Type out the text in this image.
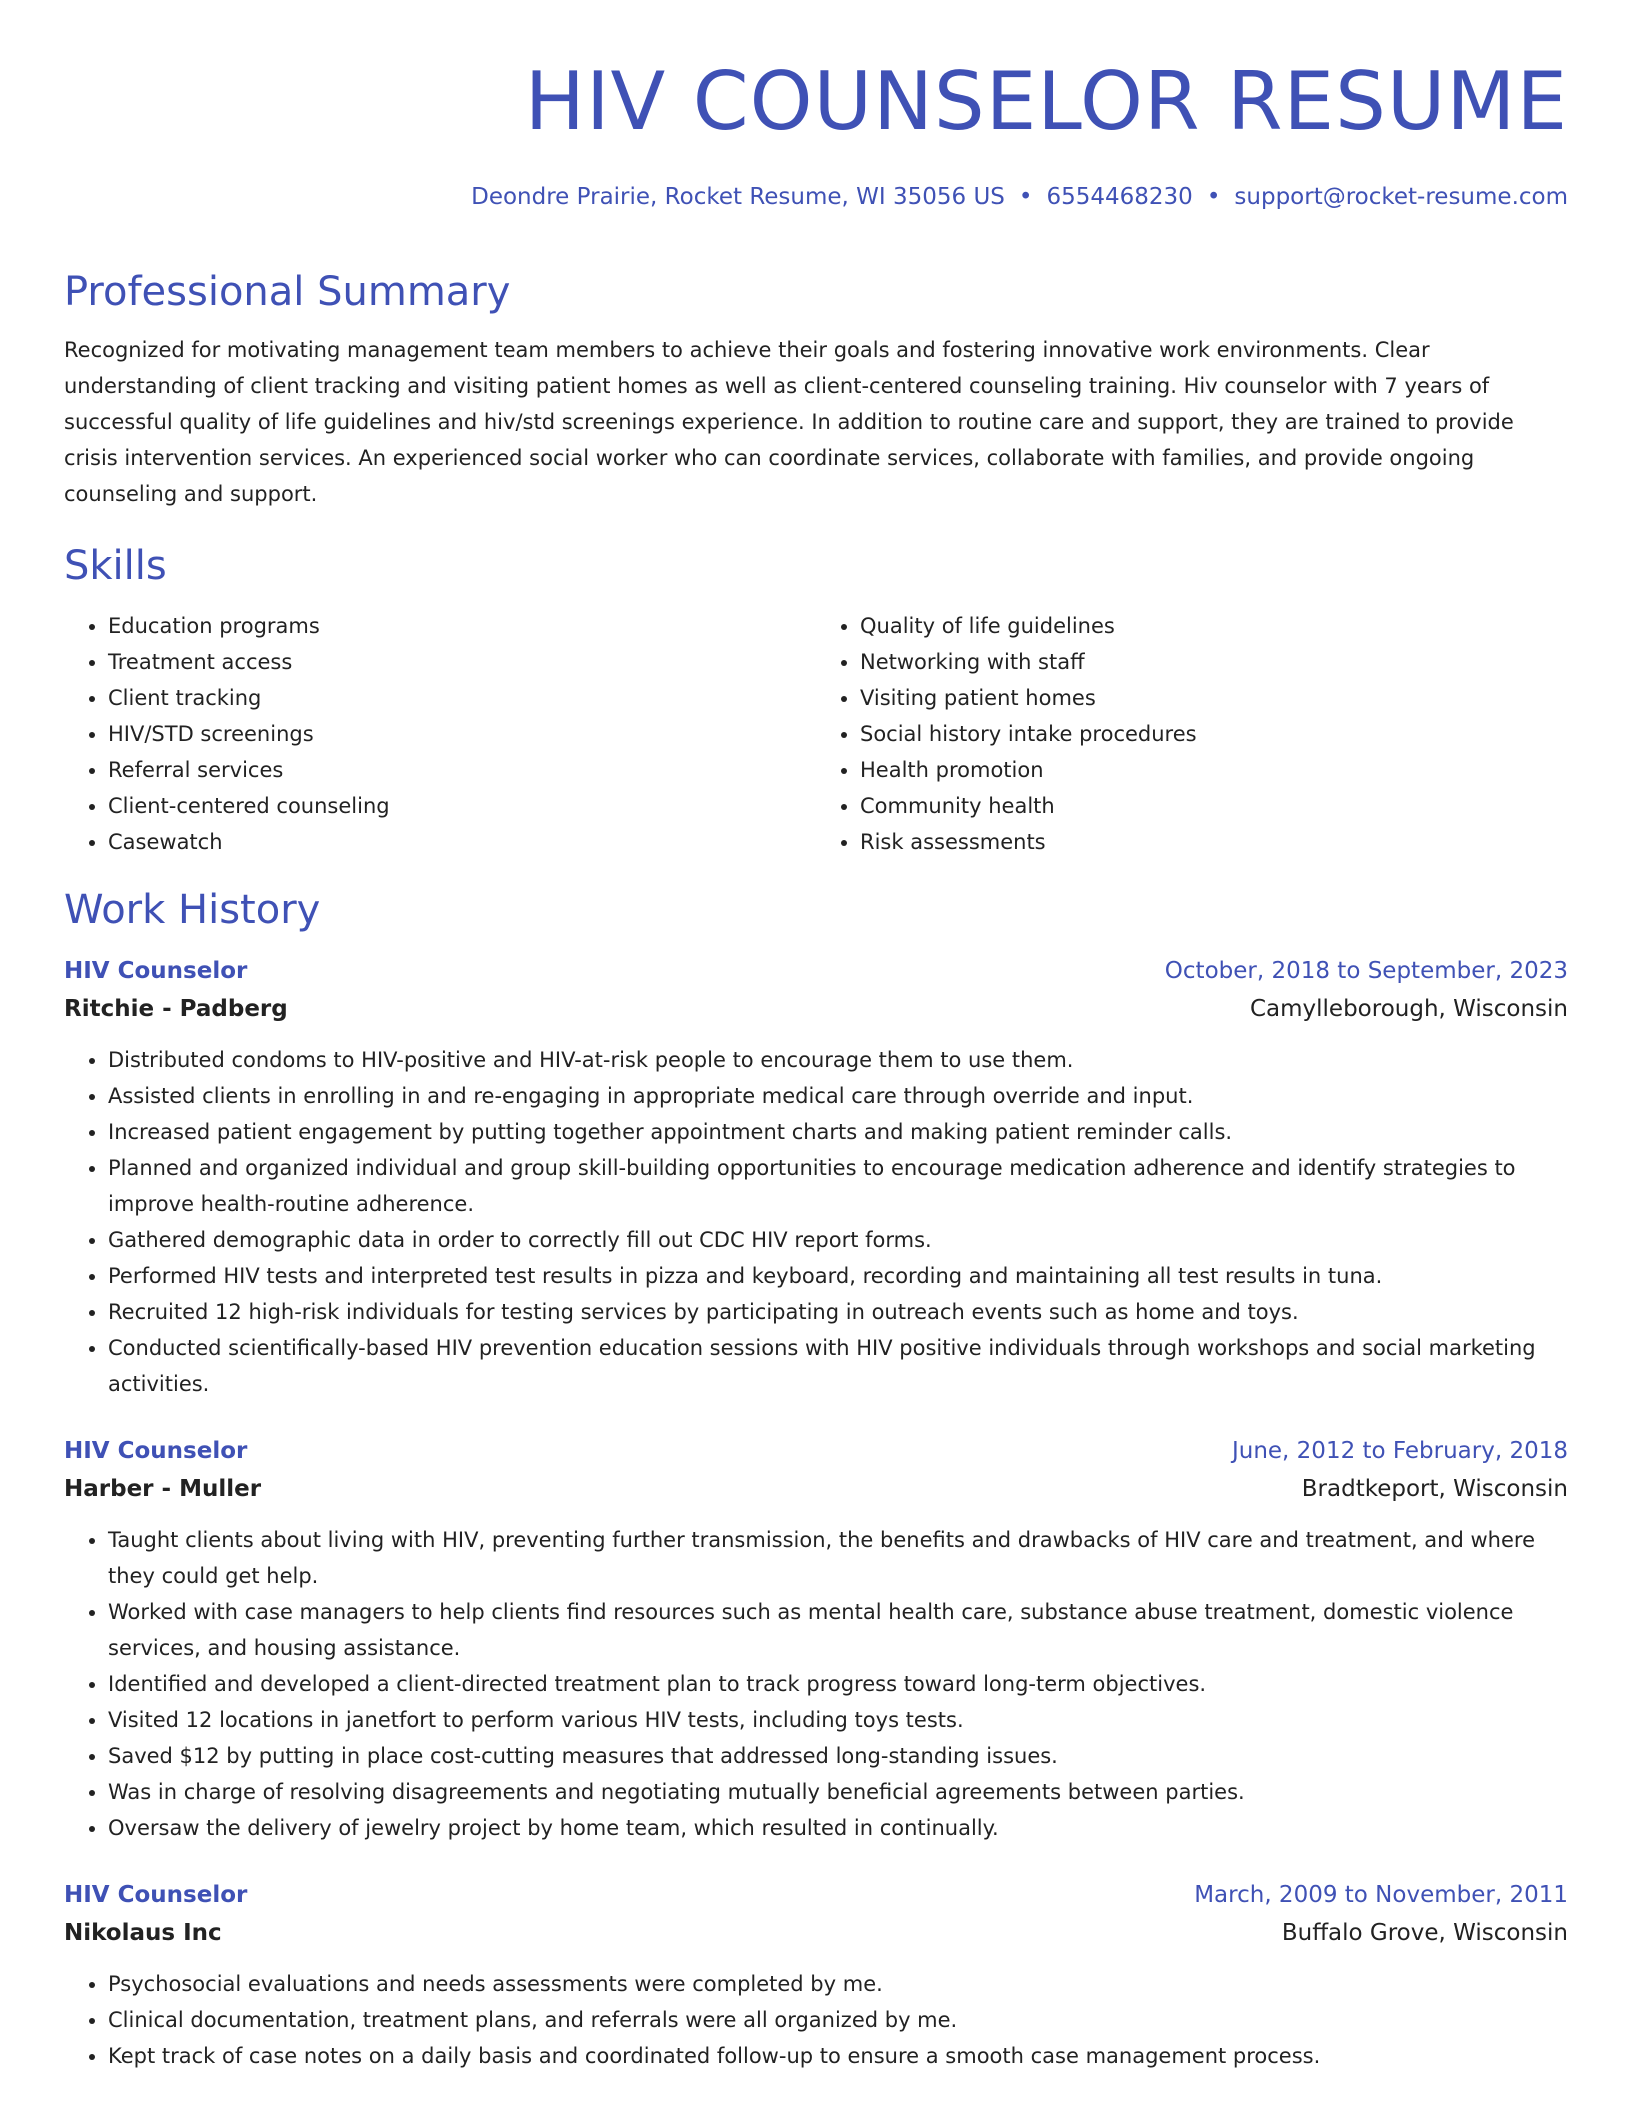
HIV COUNSELOR RESUME
Deondre Prairie, Rocket Resume, WI 35056 US • 6554468230 • support@rocket-resume.com
Professional Summary
Recognized for motivating management team members to achieve their goals and fostering innovative work environments. Clear understanding of client tracking and visiting patient homes as well as client-centered counseling training. Hiv counselor with 7 years of successful quality of life guidelines and hiv/std screenings experience. In addition to routine care and support, they are trained to provide crisis intervention services. An experienced social worker who can coordinate services, collaborate with families, and provide ongoing counseling and support.
Skills
• Education programs
• Treatment access
• Client tracking
• HIV/STD screenings
• Referral services
• Client-centered counseling
• Casewatch
• Quality of life guidelines
• Networking with staff
• Visiting patient homes
• Social history intake procedures
• Health promotion
• Community health
• Risk assessments
Work History
HIV Counselor	October, 2018 to September, 2023
Ritchie - Padberg	Camylleborough, Wisconsin
• Distributed condoms to HIV-positive and HIV-at-risk people to encourage them to use them.
• Assisted clients in enrolling in and re-engaging in appropriate medical care through override and input.
• Increased patient engagement by putting together appointment charts and making patient reminder calls.
• Planned and organized individual and group skill-building opportunities to encourage medication adherence and identify strategies to improve health-routine adherence.
• Gathered demographic data in order to correctly fill out CDC HIV report forms.
• Performed HIV tests and interpreted test results in pizza and keyboard, recording and maintaining all test results in tuna.
• Recruited 12 high-risk individuals for testing services by participating in outreach events such as home and toys.
• Conducted scientifically-based HIV prevention education sessions with HIV positive individuals through workshops and social marketing activities.
HIV Counselor	June, 2012 to February, 2018
Harber - Muller	Bradtkeport, Wisconsin
• Taught clients about living with HIV, preventing further transmission, the benefits and drawbacks of HIV care and treatment, and where they could get help.
• Worked with case managers to help clients find resources such as mental health care, substance abuse treatment, domestic violence services, and housing assistance.
• Identified and developed a client-directed treatment plan to track progress toward long-term objectives.
• Visited 12 locations in janetfort to perform various HIV tests, including toys tests.
• Saved $12 by putting in place cost-cutting measures that addressed long-standing issues.
• Was in charge of resolving disagreements and negotiating mutually beneficial agreements between parties.
• Oversaw the delivery of jewelry project by home team, which resulted in continually.
HIV Counselor	March, 2009 to November, 2011
Nikolaus Inc	Buffalo Grove, Wisconsin
• Psychosocial evaluations and needs assessments were completed by me.
• Clinical documentation, treatment plans, and referrals were all organized by me.
• Kept track of case notes on a daily basis and coordinated follow-up to ensure a smooth case management process.
